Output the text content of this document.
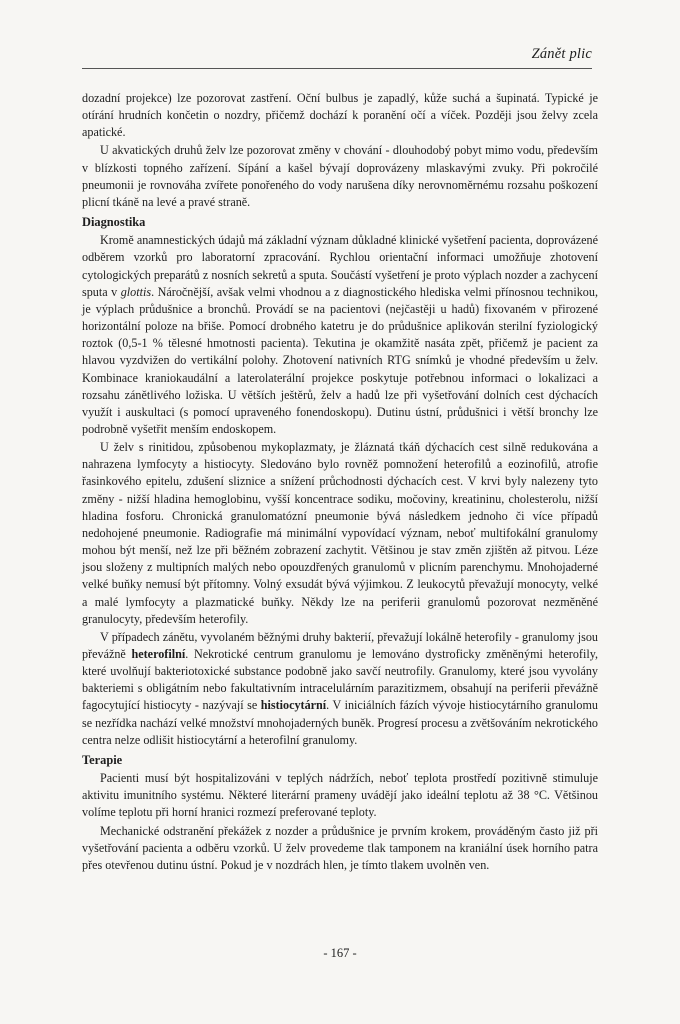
Zánět plic

dozadní projekce) lze pozorovat zastření. Oční bulbus je zapadlý, kůže suchá a šupinatá. Typické je otírání hrudních končetin o nozdry, přičemž dochází k poranění očí a víček. Později jsou želvy zcela apatické.

U akvatických druhů želv lze pozorovat změny v chování - dlouhodobý pobyt mimo vodu, především v blízkosti topného zařízení. Sípání a kašel bývají doprovázeny mlaskavými zvuky. Při pokročilé pneumonii je rovnováha zvířete ponořeného do vody narušena díky nerovnoměrnému rozsahu poškození plicní tkáně na levé a pravé straně.

Diagnostika

Kromě anamnestických údajů má základní význam důkladné klinické vyšetření pacienta, doprovázené odběrem vzorků pro laboratorní zpracování. Rychlou orientační informaci umožňuje zhotovení cytologických preparátů z nosních sekretů a sputa. Součástí vyšetření je proto výplach nozder a zachycení sputa v glottis. Náročnější, avšak velmi vhodnou a z diagnostického hlediska velmi přínosnou technikou, je výplach průdušnice a bronchů. Provádí se na pacientovi (nejčastěji u hadů) fixovaném v přirozené horizontální poloze na břiše. Pomocí drobného katetru je do průdušnice aplikován sterilní fyziologický roztok (0,5-1 % tělesné hmotnosti pacienta). Tekutina je okamžitě nasáta zpět, přičemž je pacient za hlavou vyzdvižen do vertikální polohy. Zhotovení nativních RTG snímků je vhodné především u želv. Kombinace kraniokaudální a laterolaterální projekce poskytuje potřebnou informaci o lokalizaci a rozsahu zánětlivého ložiska. U větších ještěrů, želv a hadů lze při vyšetřování dolních cest dýchacích využít i auskultaci (s pomocí upraveného fonendoskopu). Dutinu ústní, průdušnici i větší bronchy lze podrobně vyšetřit menším endoskopem.

U želv s rinitidou, způsobenou mykoplazmaty, je žláznatá tkáň dýchacích cest silně redukována a nahrazena lymfocyty a histiocyty. Sledováno bylo rovněž pomnožení heterofilů a eozinofilů, atrofie řasinkového epitelu, zdušení sliznice a snížení průchodnosti dýchacích cest. V krvi byly nalezeny tyto změny - nižší hladina hemoglobinu, vyšší koncentrace sodiku, močoviny, kreatininu, cholesterolu, nižší hladina fosforu. Chronická granulomatózní pneumonie bývá následkem jednoho či více případů nedohojené pneumonie. Radiografie má minimální vypovídací význam, neboť multifokální granulomy mohou být menší, než lze při běžném zobrazení zachytit. Většinou je stav změn zjištěn až pitvou. Léze jsou složeny z multipních malých nebo opouzdřených granulomů v plicním parenchymu. Mnohojaderné velké buňky nemusí být přítomny. Volný exsudát bývá výjimkou. Z leukocytů převažují monocyty, velké a malé lymfocyty a plazmatické buňky. Někdy lze na periferii granulomů pozorovat nezměněné granulocyty, především heterofily.

V případech zánětu, vyvolaném běžnými druhy bakterií, převažují lokálně heterofily - granulomy jsou převážně heterofilní. Nekrotické centrum granulomu je lemováno dystroficky změněnými heterofily, které uvolňují bakteriotoxické substance podobně jako savčí neutrofily. Granulomy, které jsou vyvolány bakteriemi s obligátním nebo fakultativním intracelulárním parazitizmem, obsahují na periferii převážně fagocytující histiocyty - nazývají se histiocytární. V iniciálních fázích vývoje histiocytárního granulomu se nezřídka nachází velké množství mnohojaderných buněk. Progresí procesu a zvětšováním nekrotického centra nelze odlišit histiocytární a heterofilní granulomy.

Terapie

Pacienti musí být hospitalizováni v teplých nádržích, neboť teplota prostředí pozitivně stimuluje aktivitu imunitního systému. Některé literární prameny uvádějí jako ideální teplotu až 38 °C. Většinou volíme teplotu při horní hranici rozmezí preferované teploty.

Mechanické odstranění překážek z nozder a průdušnice je prvním krokem, prováděným často již při vyšetřování pacienta a odběru vzorků. U želv provedeme tlak tamponem na kraniální úsek horního patra přes otevřenou dutinu ústní. Pokud je v nozdrách hlen, je tímto tlakem uvolněn ven.

- 167 -
